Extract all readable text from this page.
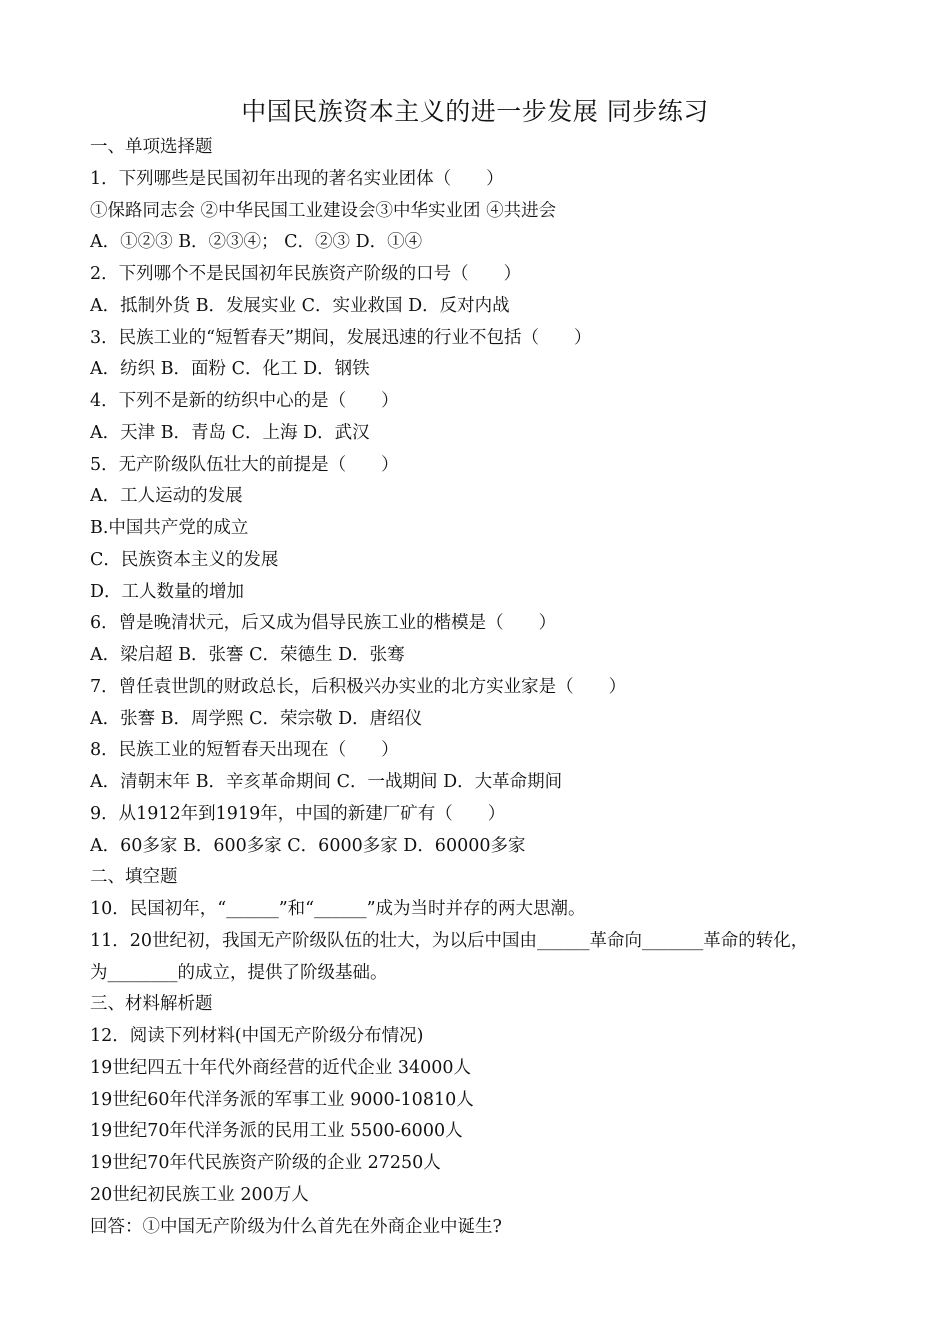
中国民族资本主义的进一步发展 同步练习
一、单项选择题
1．下列哪些是民国初年出现的著名实业团体（　　）
①保路同志会 ②中华民国工业建设会③中华实业团 ④共进会
A．①②③ B．②③④； C．②③ D．①④
2．下列哪个不是民国初年民族资产阶级的口号（　　）
A．抵制外货 B．发展实业 C．实业救国 D．反对内战
3．民族工业的“短暂春天”期间，发展迅速的行业不包括（　　）
A．纺织 B．面粉 C．化工 D．钢铁
4．下列不是新的纺织中心的是（　　）
A．天津 B．青岛 C．上海 D．武汉
5．无产阶级队伍壮大的前提是（　　）
A．工人运动的发展
B.中国共产党的成立
C．民族资本主义的发展
D．工人数量的增加
6．曾是晚清状元，后又成为倡导民族工业的楷模是（　　）
A．梁启超 B．张謇 C．荣德生 D．张骞
7．曾任袁世凯的财政总长，后积极兴办实业的北方实业家是（　　）
A．张謇 B．周学熙 C．荣宗敬 D．唐绍仪
8．民族工业的短暂春天出现在（　　）
A．清朝末年 B．辛亥革命期间 C．一战期间 D．大革命期间
9．从1912年到1919年，中国的新建厂矿有（　　）
A．60多家 B．600多家 C．6000多家 D．60000多家
二、填空题
10．民国初年，“______”和“______”成为当时并存的两大思潮。
11．20世纪初，我国无产阶级队伍的壮大，为以后中国由______革命向_______革命的转化，
为________的成立，提供了阶级基础。
三、材料解析题
12．阅读下列材料(中国无产阶级分布情况)
19世纪四五十年代外商经营的近代企业 34000人
19世纪60年代洋务派的军事工业 9000-10810人
19世纪70年代洋务派的民用工业 5500-6000人
19世纪70年代民族资产阶级的企业 27250人
20世纪初民族工业 200万人
回答：①中国无产阶级为什么首先在外商企业中诞生?
